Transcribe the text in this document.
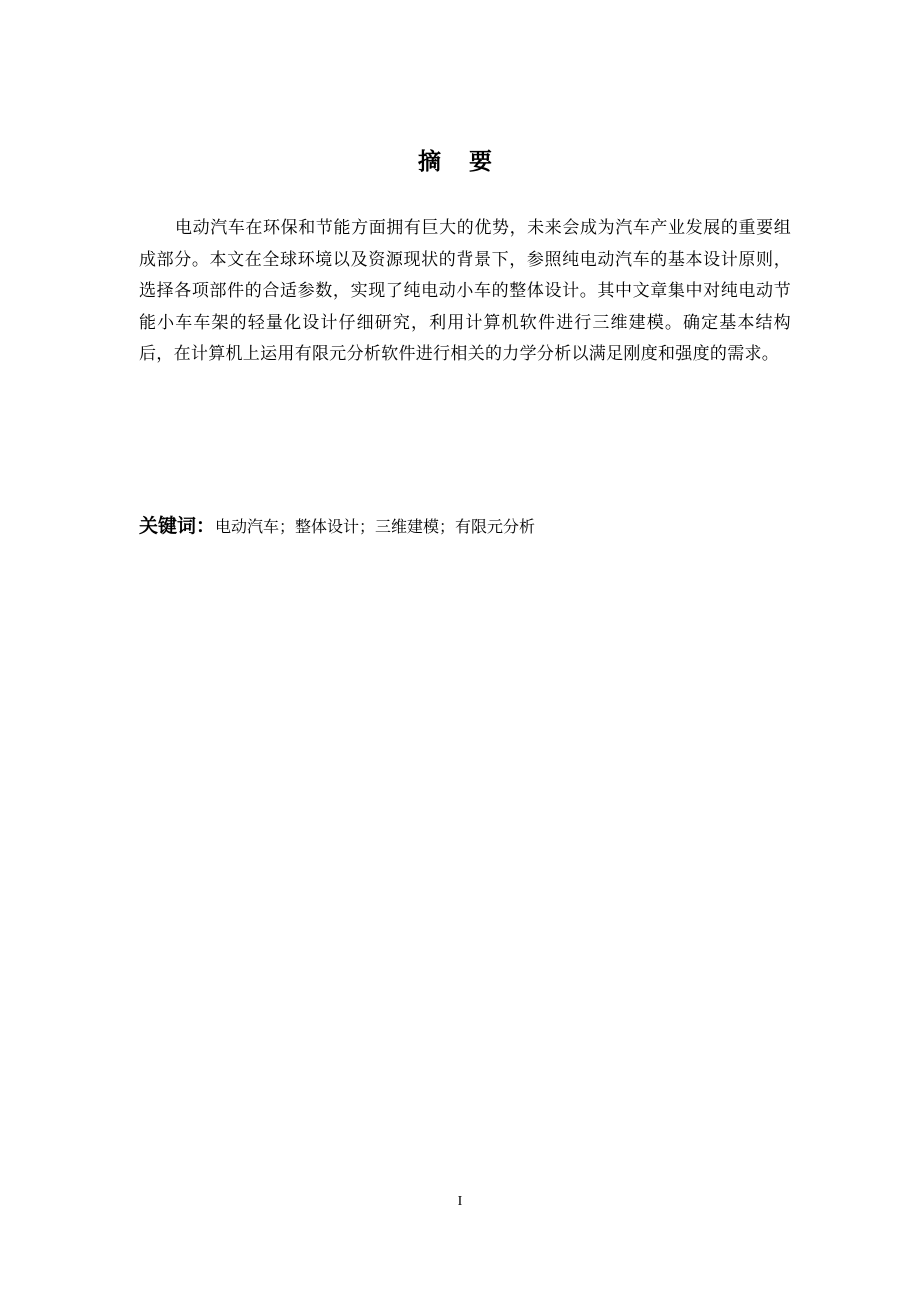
摘 要

电动汽车在环保和节能方面拥有巨大的优势，未来会成为汽车产业发展的重要组成部分。本文在全球环境以及资源现状的背景下，参照纯电动汽车的基本设计原则，选择各项部件的合适参数，实现了纯电动小车的整体设计。其中文章集中对纯电动节能小车车架的轻量化设计仔细研究，利用计算机软件进行三维建模。确定基本结构后，在计算机上运用有限元分析软件进行相关的力学分析以满足刚度和强度的需求。

关键词：电动汽车；整体设计；三维建模；有限元分析
I
